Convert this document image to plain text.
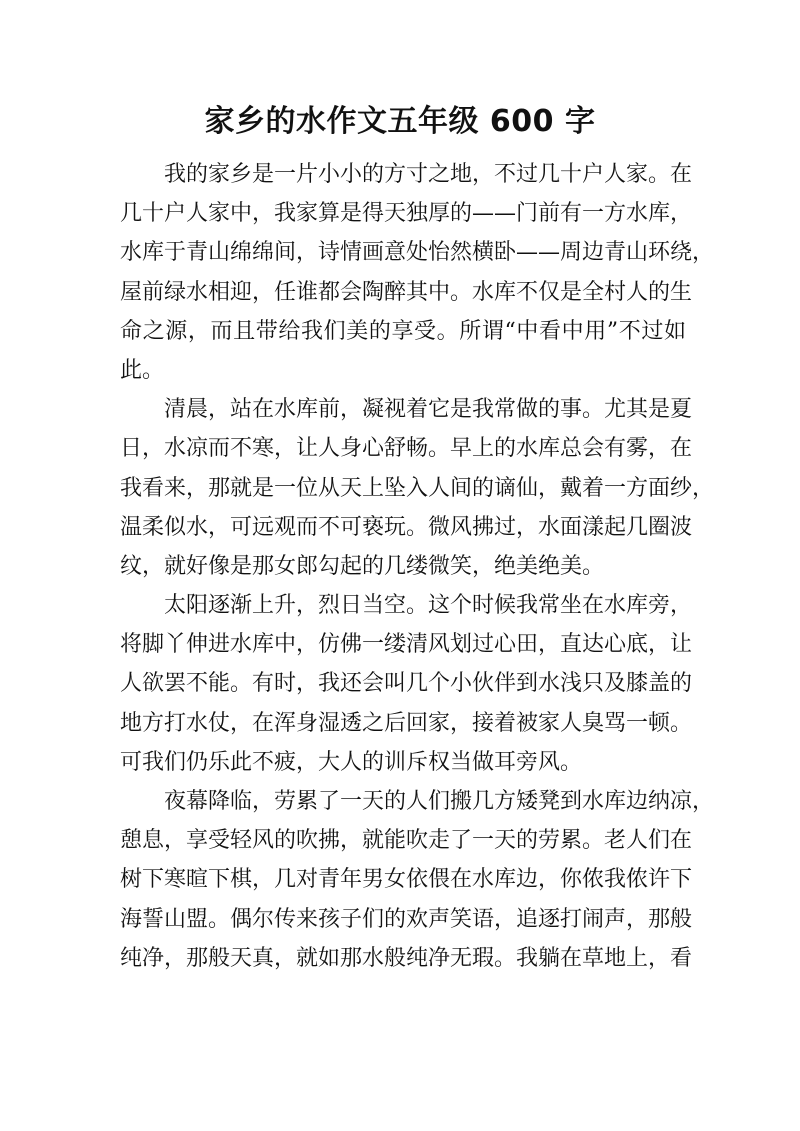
家乡的水作文五年级 600 字
我的家乡是一片小小的方寸之地，不过几十户人家。在
几十户人家中，我家算是得天独厚的——门前有一方水库，
水库于青山绵绵间，诗情画意处怡然横卧——周边青山环绕，
屋前绿水相迎，任谁都会陶醉其中。水库不仅是全村人的生
命之源，而且带给我们美的享受。所谓“中看中用”不过如
此。
清晨，站在水库前，凝视着它是我常做的事。尤其是夏
日，水凉而不寒，让人身心舒畅。早上的水库总会有雾，在
我看来，那就是一位从天上坠入人间的谪仙，戴着一方面纱，
温柔似水，可远观而不可亵玩。微风拂过，水面漾起几圈波
纹，就好像是那女郎勾起的几缕微笑，绝美绝美。
太阳逐渐上升，烈日当空。这个时候我常坐在水库旁，
将脚丫伸进水库中，仿佛一缕清风划过心田，直达心底，让
人欲罢不能。有时，我还会叫几个小伙伴到水浅只及膝盖的
地方打水仗，在浑身湿透之后回家，接着被家人臭骂一顿。
可我们仍乐此不疲，大人的训斥权当做耳旁风。
夜幕降临，劳累了一天的人们搬几方矮凳到水库边纳凉，
憩息，享受轻风的吹拂，就能吹走了一天的劳累。老人们在
树下寒暄下棋，几对青年男女依偎在水库边，你侬我侬许下
海誓山盟。偶尔传来孩子们的欢声笑语，追逐打闹声，那般
纯净，那般天真，就如那水般纯净无瑕。我躺在草地上，看
